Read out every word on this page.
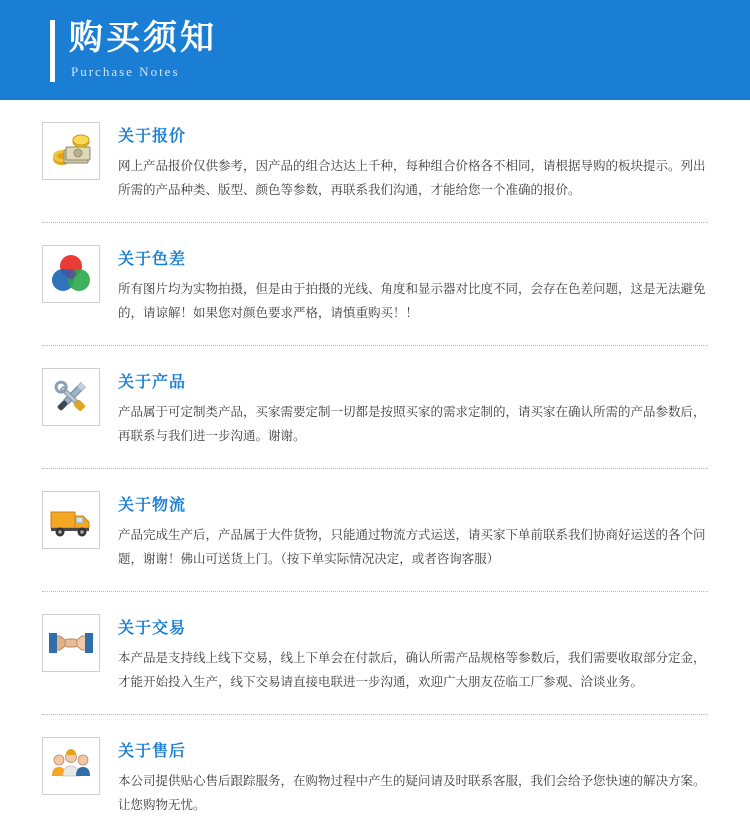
购买须知
Purchase Notes
关于报价

网上产品报价仅供参考，因产品的组合达达上千种，每种组合价格各不相同，请根据导购的板块提示。列出所需的产品种类、版型、颜色等参数，再联系我们沟通，才能给您一个准确的报价。

关于色差

所有图片均为实物拍摄，但是由于拍摄的光线、角度和显示器对比度不同，会存在色差问题，这是无法避免的，请谅解！如果您对颜色要求严格，请慎重购买！！

关于产品

产品属于可定制类产品，买家需要定制一切都是按照买家的需求定制的，请买家在确认所需的产品参数后，再联系与我们进一步沟通。谢谢。

关于物流

产品完成生产后，产品属于大件货物，只能通过物流方式运送，请买家下单前联系我们协商好运送的各个问题，谢谢！佛山可送货上门。（按下单实际情况决定，或者咨询客服）

关于交易

本产品是支持线上线下交易，线上下单会在付款后，确认所需产品规格等参数后，我们需要收取部分定金，才能开始投入生产，线下交易请直接电联进一步沟通，欢迎广大朋友莅临工厂参观、洽谈业务。

关于售后

本公司提供贴心售后跟踪服务，在购物过程中产生的疑问请及时联系客服，我们会给予您快速的解决方案。让您购物无忧。
